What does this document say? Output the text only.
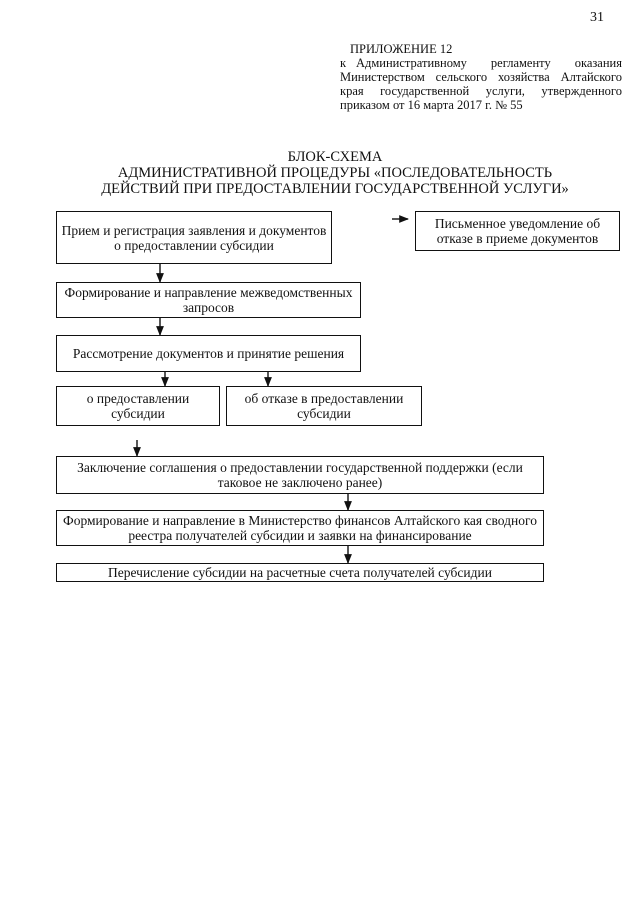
31
ПРИЛОЖЕНИЕ 12
к Административному регламенту оказания
Министерством сельского хозяйства Алтайского
края государственной услуги, утвержденного
приказом от 16 марта 2017 г. № 55
БЛОК-СХЕМА
АДМИНИСТРАТИВНОЙ ПРОЦЕДУРЫ «ПОСЛЕДОВАТЕЛЬНОСТЬ
ДЕЙСТВИЙ ПРИ ПРЕДОСТАВЛЕНИИ ГОСУДАРСТВЕННОЙ УСЛУГИ»
Прием и регистрация заявления и документов о предоставлении субсидии
Письменное уведомление об отказе в приеме документов
Формирование и направление межведомственных запросов
Рассмотрение документов и принятие решения
о предоставлении субсидии
об отказе в предоставлении субсидии
Заключение соглашения о предоставлении государственной поддержки (если таковое не заключено ранее)
Формирование и направление в Министерство финансов Алтайского кая сводного реестра получателей субсидии и заявки на финансирование
Перечисление субсидии на расчетные счета получателей субсидии
